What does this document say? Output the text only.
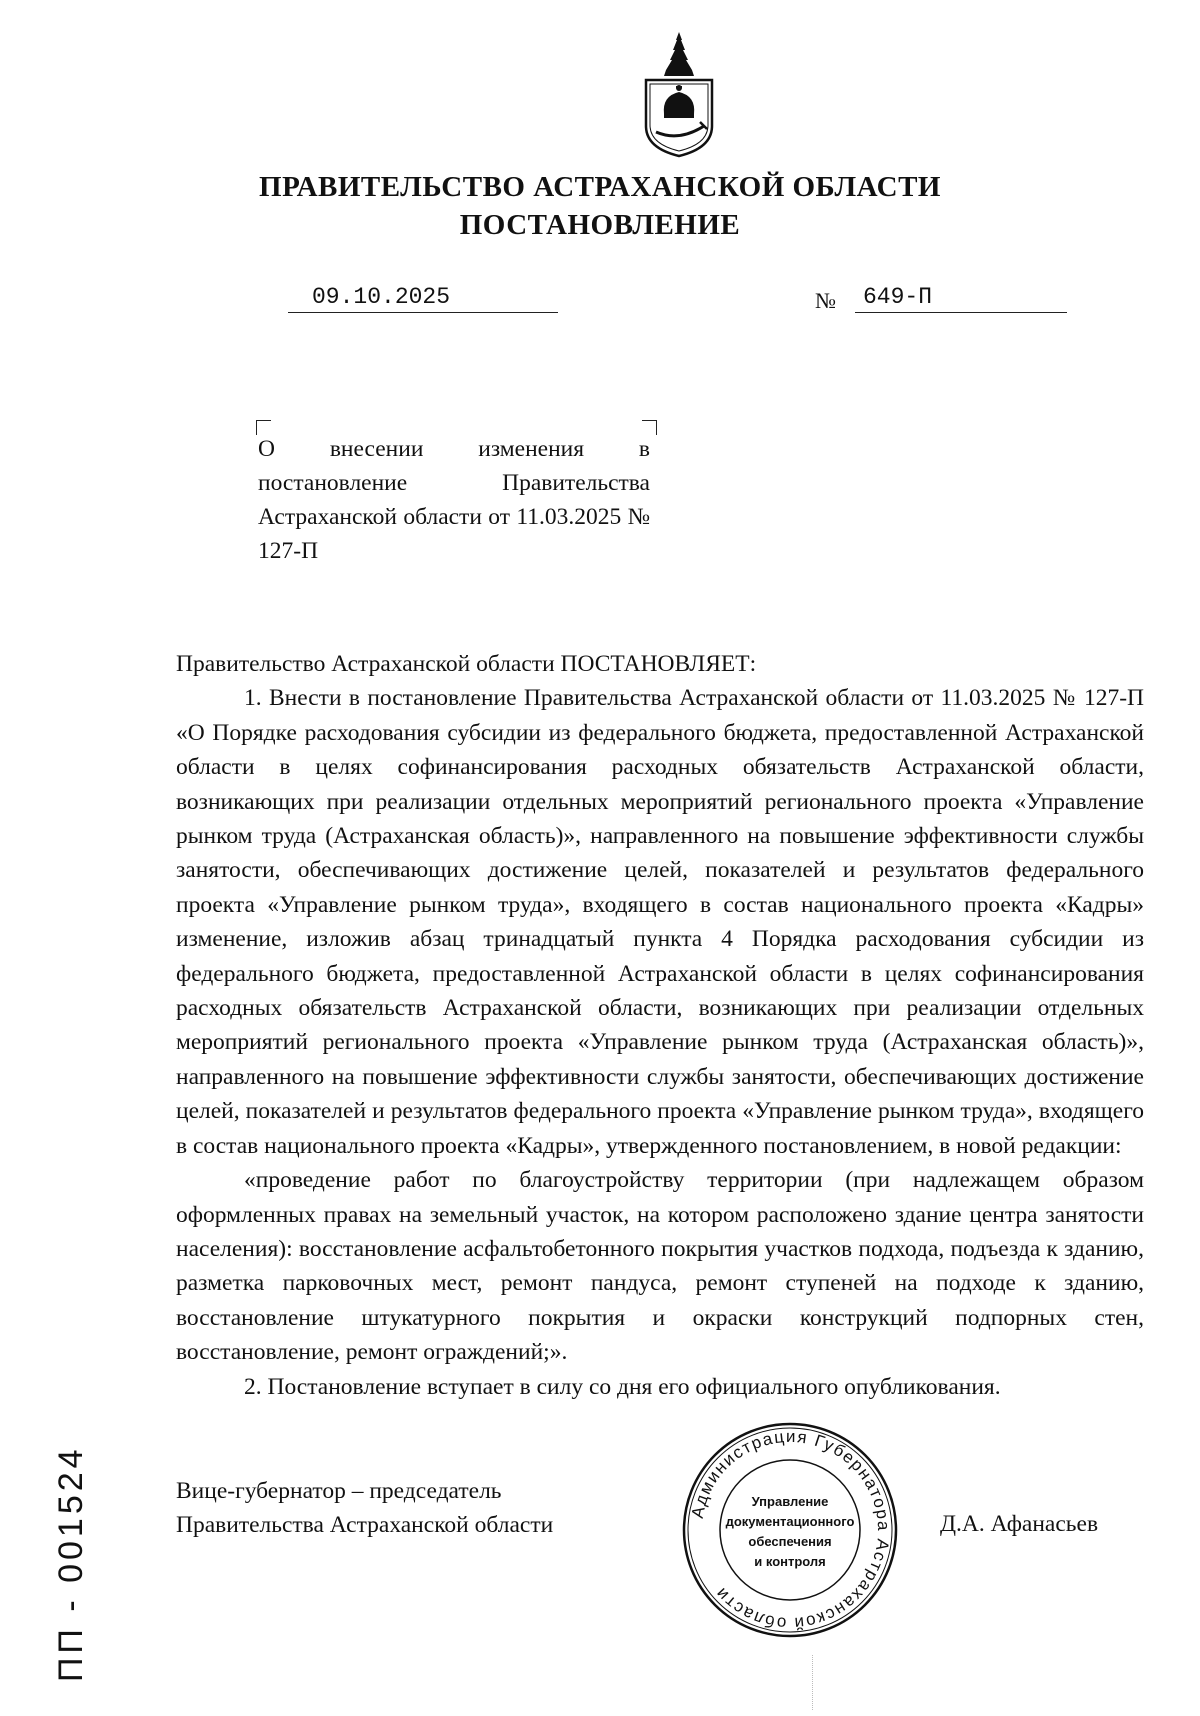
ПРАВИТЕЛЬСТВО АСТРАХАНСКОЙ ОБЛАСТИ
ПОСТАНОВЛЕНИЕ
09.10.2025	№	649-П
О внесении изменения в постановление Правительства Астраханской области от 11.03.2025 № 127-П

Правительство Астраханской области ПОСТАНОВЛЯЕТ:

1. Внести в постановление Правительства Астраханской области от 11.03.2025 № 127-П «О Порядке расходования субсидии из федерального бюджета, предоставленной Астраханской области в целях софинансирования расходных обязательств Астраханской области, возникающих при реализации отдельных мероприятий регионального проекта «Управление рынком труда (Астраханская область)», направленного на повышение эффективности службы занятости, обеспечивающих достижение целей, показателей и результатов федерального проекта «Управление рынком труда», входящего в состав национального проекта «Кадры» изменение, изложив абзац тринадцатый пункта 4 Порядка расходования субсидии из федерального бюджета, предоставленной Астраханской области в целях софинансирования расходных обязательств Астраханской области, возникающих при реализации отдельных мероприятий регионального проекта «Управление рынком труда (Астраханская область)», направленного на повышение эффективности службы занятости, обеспечивающих достижение целей, показателей и результатов федерального проекта «Управление рынком труда», входящего в состав национального проекта «Кадры», утвержденного постановлением, в новой редакции:

«проведение работ по благоустройству территории (при надлежащем образом оформленных правах на земельный участок, на котором расположено здание центра занятости населения): восстановление асфальтобетонного покрытия участков подхода, подъезда к зданию, разметка парковочных мест, ремонт пандуса, ремонт ступеней на подходе к зданию, восстановление штукатурного покрытия и окраски конструкций подпорных стен, восстановление, ремонт ограждений;».

2. Постановление вступает в силу со дня его официального опубликования.

Вице-губернатор – председатель
Правительства Астраханской области	Д.А. Афанасьев
Администрация Губернатора Астраханской области
Управление
документационного
обеспечения
и контроля
ПП - 001524
